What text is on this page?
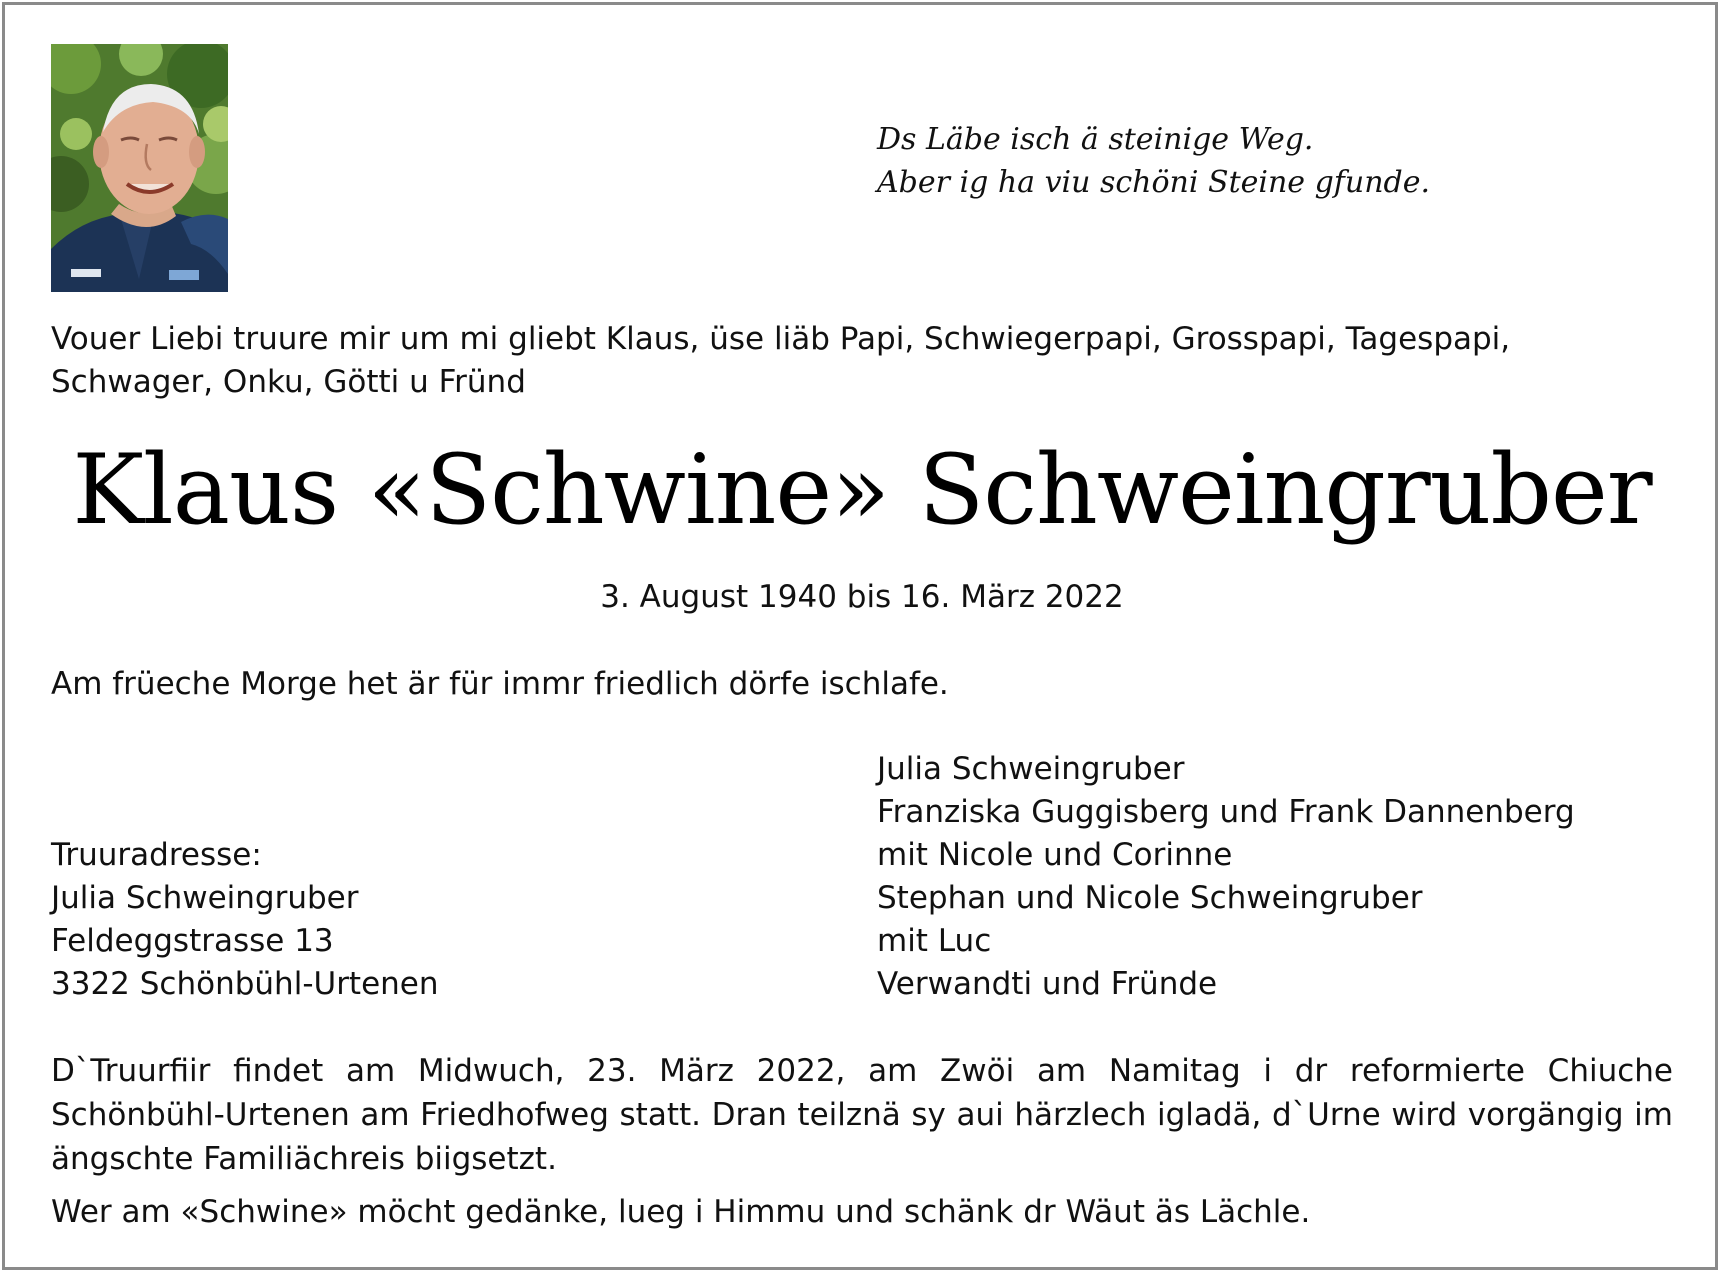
Ds Läbe isch ä steinige Weg.
Aber ig ha viu schöni Steine gfunde.
Vouer Liebi truure mir um mi gliebt Klaus, üse liäb Papi, Schwiegerpapi, Grosspapi, Tagespapi, Schwager, Onku, Götti u Fründ
Klaus «Schwine» Schweingruber
3. August 1940 bis 16. März 2022
Am früeche Morge het är für immr friedlich dörfe ischlafe.
Truuradresse:
Julia Schweingruber
Feldeggstrasse 13
3322 Schönbühl-Urtenen
Julia Schweingruber
Franziska Guggisberg und Frank Dannenberg
mit Nicole und Corinne
Stephan und Nicole Schweingruber
mit Luc
Verwandti und Fründe
D`Truurfiir findet am Midwuch, 23. März 2022, am Zwöi am Namitag i dr reformierte Chiuche Schönbühl-Urtenen am Friedhofweg statt. Dran teilznä sy aui härzlech igladä, d`Urne wird vorgängig im ängschte Familiächreis biigsetzt.
Wer am «Schwine» möcht gedänke, lueg i Himmu und schänk dr Wäut äs Lächle.
